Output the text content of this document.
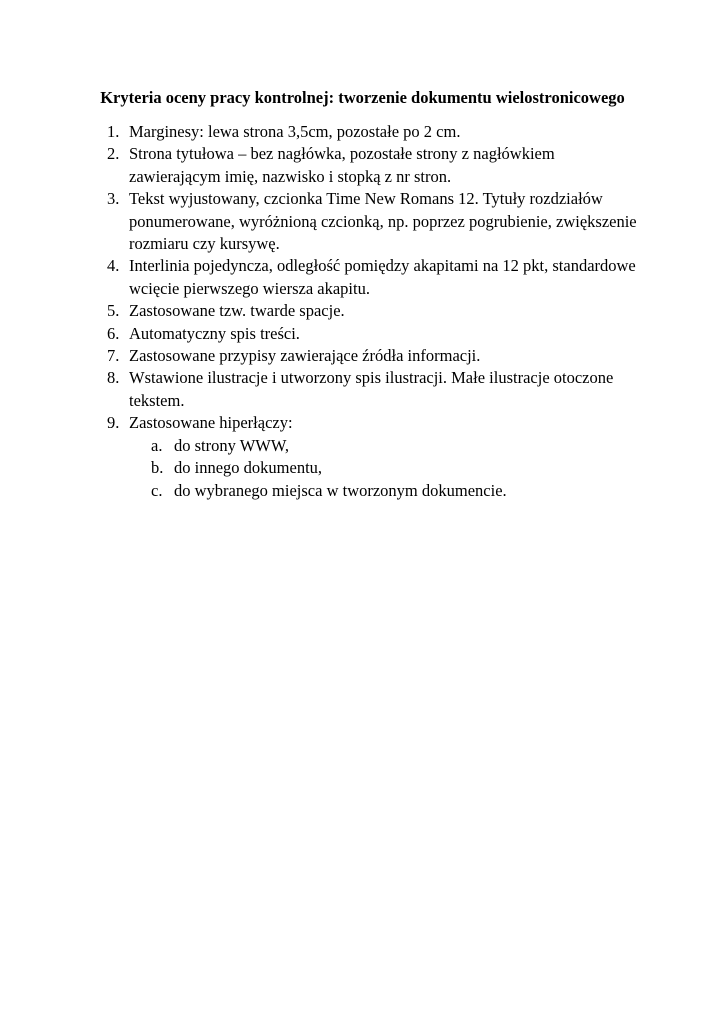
Kryteria oceny pracy kontrolnej: tworzenie dokumentu wielostronicowego
1. Marginesy: lewa strona 3,5cm, pozostałe po 2 cm.
2. Strona tytułowa – bez nagłówka, pozostałe strony z nagłówkiem zawierającym imię, nazwisko i stopką z nr stron.
3. Tekst wyjustowany, czcionka Time New Romans 12. Tytuły rozdziałów ponumerowane, wyróżnioną czcionką, np. poprzez pogrubienie, zwiększenie rozmiaru czy kursywę.
4. Interlinia pojedyncza, odległość pomiędzy akapitami na 12 pkt, standardowe wcięcie pierwszego wiersza akapitu.
5. Zastosowane tzw. twarde spacje.
6. Automatyczny spis treści.
7. Zastosowane przypisy zawierające źródła informacji.
8. Wstawione ilustracje i utworzony spis ilustracji. Małe ilustracje otoczone tekstem.
9. Zastosowane hiperłączy:
a. do strony WWW,
b. do innego dokumentu,
c. do wybranego miejsca w tworzonym dokumencie.
